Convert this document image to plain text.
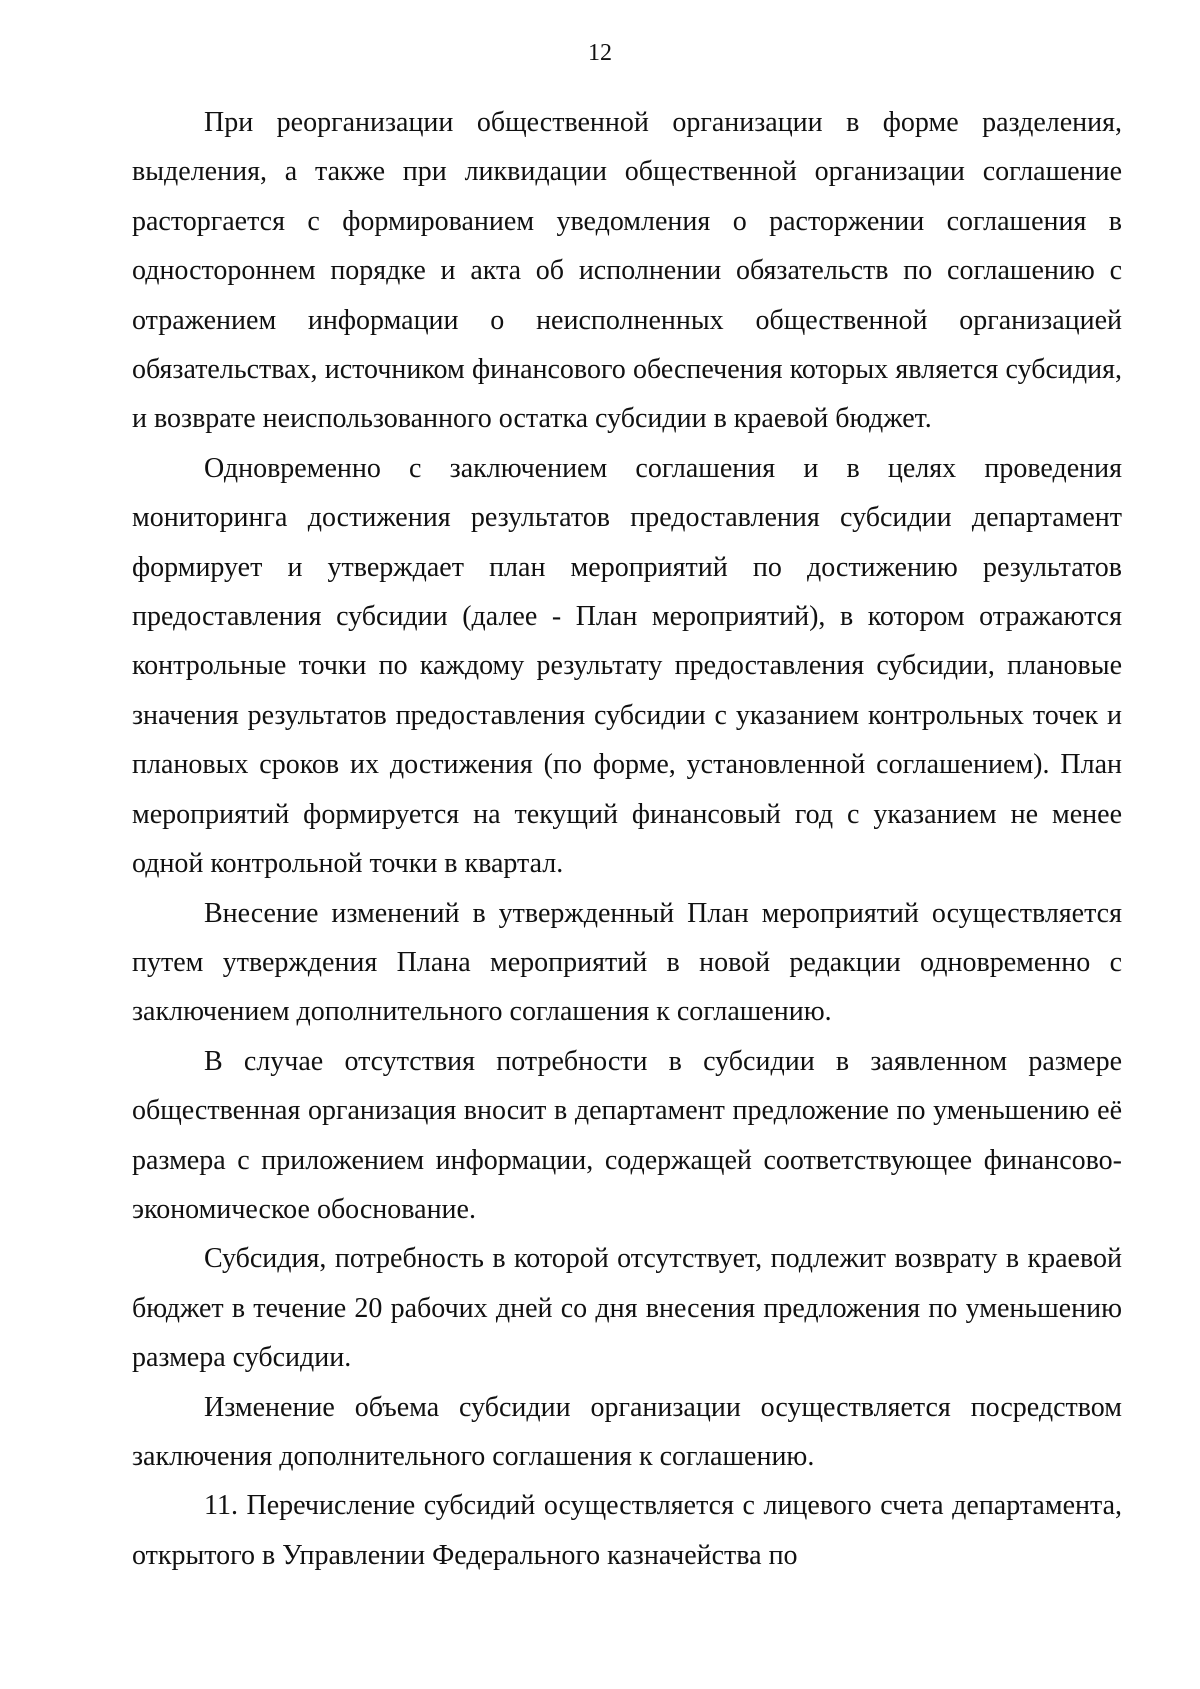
12

При реорганизации общественной организации в форме разделения, выделения, а также при ликвидации общественной организации соглашение расторгается с формированием уведомления о расторжении соглашения в одностороннем порядке и акта об исполнении обязательств по соглашению с отражением информации о неисполненных общественной организацией обязательствах, источником финансового обеспечения которых является субсидия, и возврате неиспользованного остатка субсидии в краевой бюджет.

Одновременно с заключением соглашения и в целях проведения мониторинга достижения результатов предоставления субсидии департамент формирует и утверждает план мероприятий по достижению результатов предоставления субсидии (далее - План мероприятий), в котором отражаются контрольные точки по каждому результату предоставления субсидии, плановые значения результатов предоставления субсидии с указанием контрольных точек и плановых сроков их достижения (по форме, установленной соглашением). План мероприятий формируется на текущий финансовый год с указанием не менее одной контрольной точки в квартал.

Внесение изменений в утвержденный План мероприятий осуществляется путем утверждения Плана мероприятий в новой редакции одновременно с заключением дополнительного соглашения к соглашению.

В случае отсутствия потребности в субсидии в заявленном размере общественная организация вносит в департамент предложение по уменьшению её размера с приложением информации, содержащей соответствующее финансово-экономическое обоснование.

Субсидия, потребность в которой отсутствует, подлежит возврату в краевой бюджет в течение 20 рабочих дней со дня внесения предложения по уменьшению размера субсидии.

Изменение объема субсидии организации осуществляется посредством заключения дополнительного соглашения к соглашению.

11. Перечисление субсидий осуществляется с лицевого счета департамента, открытого в Управлении Федерального казначейства по
